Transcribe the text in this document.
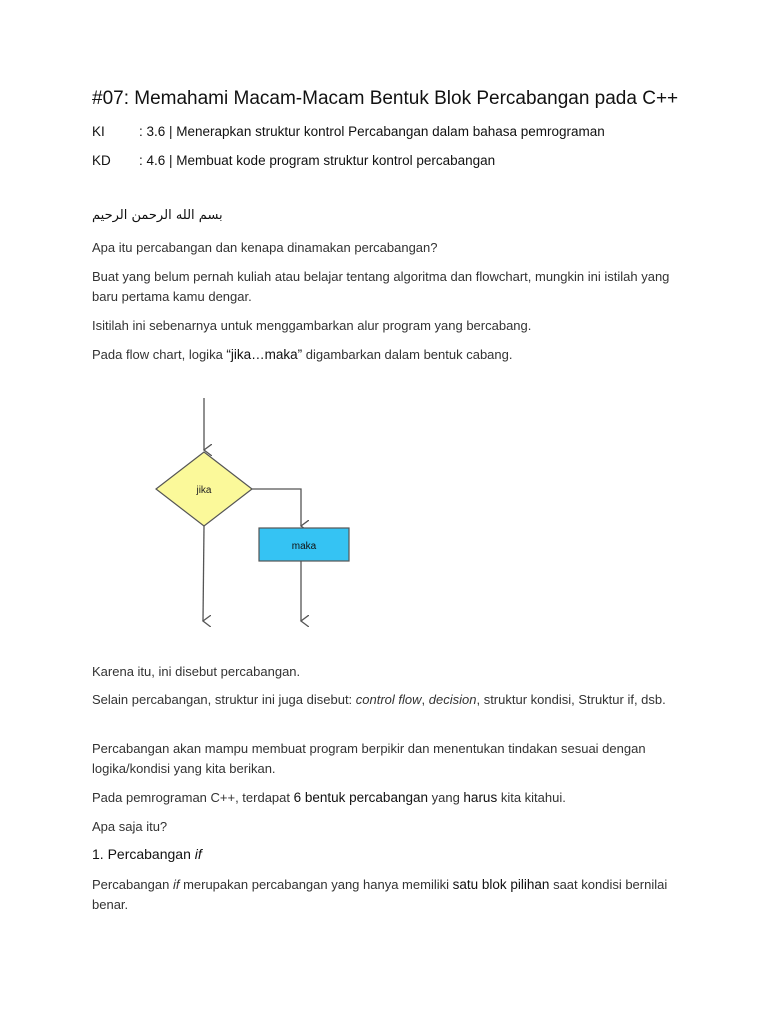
#07: Memahami Macam-Macam Bentuk Blok Percabangan pada C++
KI	: 3.6 | Menerapkan struktur kontrol Percabangan dalam bahasa pemrograman
KD : 4.6 | Membuat kode program struktur kontrol percabangan
بسم الله الرحمن الرحيم

Apa itu percabangan dan kenapa dinamakan percabangan?

Buat yang belum pernah kuliah atau belajar tentang algoritma dan flowchart, mungkin ini istilah yang baru pertama kamu dengar.

Isitilah ini sebenarnya untuk menggambarkan alur program yang bercabang.

Pada flow chart, logika “jika…maka” digambarkan dalam bentuk cabang.

jika
maka

Karena itu, ini disebut percabangan.

Selain percabangan, struktur ini juga disebut: control flow, decision, struktur kondisi, Struktur if, dsb.

Percabangan akan mampu membuat program berpikir dan menentukan tindakan sesuai dengan logika/kondisi yang kita berikan.

Pada pemrograman C++, terdapat 6 bentuk percabangan yang harus kita kitahui.

Apa saja itu?

1. Percabangan if

Percabangan if merupakan percabangan yang hanya memiliki satu blok pilihan saat kondisi bernilai benar.
